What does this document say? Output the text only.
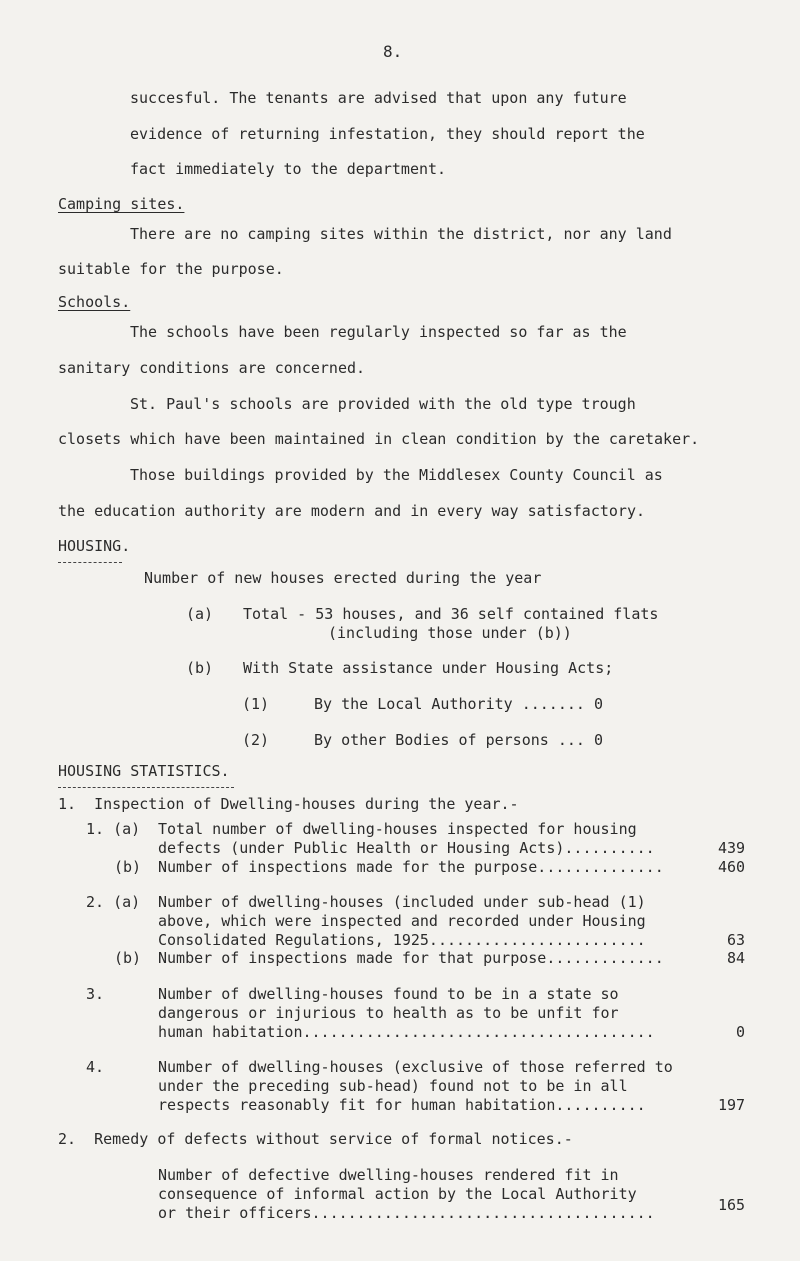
8.
succesful. The tenants are advised that upon any future
evidence of returning infestation, they should report the
fact immediately to the department.
Camping sites.
There are no camping sites within the district, nor any land
suitable for the purpose.
Schools.
The schools have been regularly inspected so far as the
sanitary conditions are concerned.
St. Paul's schools are provided with the old type trough
closets which have been maintained in clean condition by the caretaker.
Those buildings provided by the Middlesex County Council as
the education authority are modern and in every way satisfactory.
HOUSING.
Number of new houses erected during the year
(a) Total - 53 houses, and 36 self contained flats
(including those under (b))
(b) With State assistance under Housing Acts;
(1)	By the Local Authority ....... 0
(2)	By other Bodies of persons ... 0
HOUSING STATISTICS.
1.  Inspection of Dwelling-houses during the year.-
1. (a) Total number of dwelling-houses inspected for housing
defects (under Public Health or Housing Acts)..........	439
(b) Number of inspections made for the purpose..............	460
2. (a) Number of dwelling-houses (included under sub-head (1)
above, which were inspected and recorded under Housing
Consolidated Regulations, 1925........................	63
(b) Number of inspections made for that purpose.............	84
3.	Number of dwelling-houses found to be in a state so
dangerous or injurious to health as to be unfit for
human habitation.......................................	0
4.	Number of dwelling-houses (exclusive of those referred to
under the preceding sub-head) found not to be in all
respects reasonably fit for human habitation..........	197
2.  Remedy of defects without service of formal notices.-
Number of defective dwelling-houses rendered fit in
consequence of informal action by the Local Authority
or their officers......................................	165
